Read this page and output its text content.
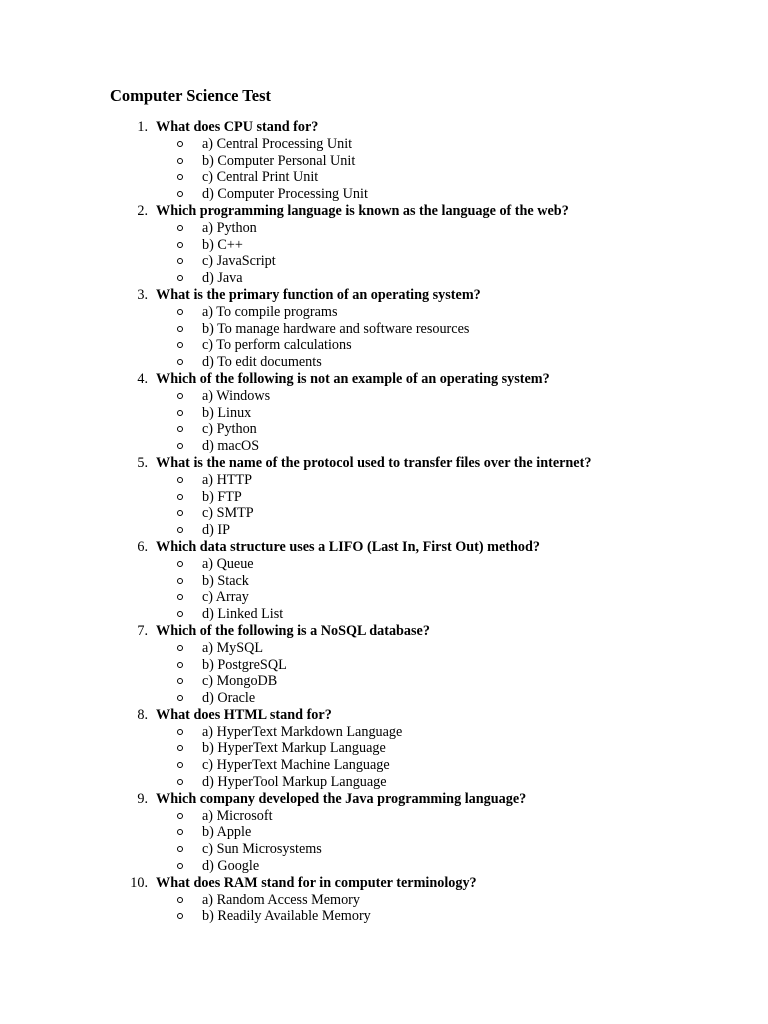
Computer Science Test
1. What does CPU stand for?
a) Central Processing Unit
b) Computer Personal Unit
c) Central Print Unit
d) Computer Processing Unit
2. Which programming language is known as the language of the web?
a) Python
b) C++
c) JavaScript
d) Java
3. What is the primary function of an operating system?
a) To compile programs
b) To manage hardware and software resources
c) To perform calculations
d) To edit documents
4. Which of the following is not an example of an operating system?
a) Windows
b) Linux
c) Python
d) macOS
5. What is the name of the protocol used to transfer files over the internet?
a) HTTP
b) FTP
c) SMTP
d) IP
6. Which data structure uses a LIFO (Last In, First Out) method?
a) Queue
b) Stack
c) Array
d) Linked List
7. Which of the following is a NoSQL database?
a) MySQL
b) PostgreSQL
c) MongoDB
d) Oracle
8. What does HTML stand for?
a) HyperText Markdown Language
b) HyperText Markup Language
c) HyperText Machine Language
d) HyperTool Markup Language
9. Which company developed the Java programming language?
a) Microsoft
b) Apple
c) Sun Microsystems
d) Google
10. What does RAM stand for in computer terminology?
a) Random Access Memory
b) Readily Available Memory
